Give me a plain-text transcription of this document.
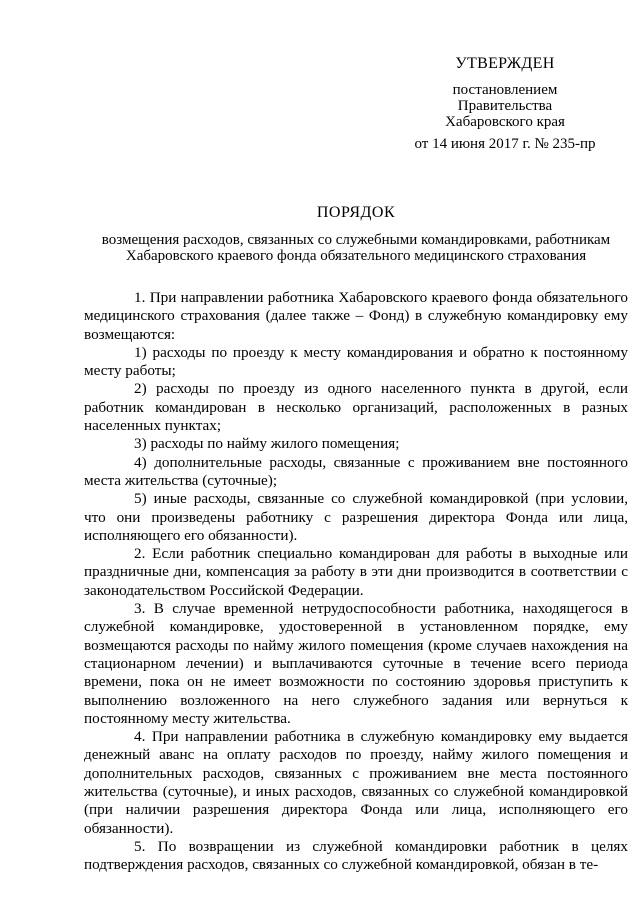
УТВЕРЖДЕН
постановлением
Правительства
Хабаровского края
от 14 июня 2017 г. № 235-пр
ПОРЯДОК
возмещения расходов, связанных со служебными командировками, работникам
Хабаровского краевого фонда обязательного медицинского страхования

1. При направлении работника Хабаровского краевого фонда обязательного медицинского страхования (далее также – Фонд) в служебную командировку ему возмещаются:

1) расходы по проезду к месту командирования и обратно к постоянному месту работы;

2) расходы по проезду из одного населенного пункта в другой, если работник командирован в несколько организаций, расположенных в разных населенных пунктах;

3) расходы по найму жилого помещения;

4) дополнительные расходы, связанные с проживанием вне постоянного места жительства (суточные);

5) иные расходы, связанные со служебной командировкой (при условии, что они произведены работнику с разрешения директора Фонда или лица, исполняющего его обязанности).

2. Если работник специально командирован для работы в выходные или праздничные дни, компенсация за работу в эти дни производится в соответствии с законодательством Российской Федерации.

3. В случае временной нетрудоспособности работника, находящегося в служебной командировке, удостоверенной в установленном порядке, ему возмещаются расходы по найму жилого помещения (кроме случаев нахождения на стационарном лечении) и выплачиваются суточные в течение всего периода времени, пока он не имеет возможности по состоянию здоровья приступить к выполнению возложенного на него служебного задания или вернуться к постоянному месту жительства.

4. При направлении работника в служебную командировку ему выдается денежный аванс на оплату расходов по проезду, найму жилого помещения и дополнительных расходов, связанных с проживанием вне места постоянного жительства (суточные), и иных расходов, связанных со служебной командировкой (при наличии разрешения директора Фонда или лица, исполняющего его обязанности).

5. По возвращении из служебной командировки работник в целях подтверждения расходов, связанных со служебной командировкой, обязан в те-
